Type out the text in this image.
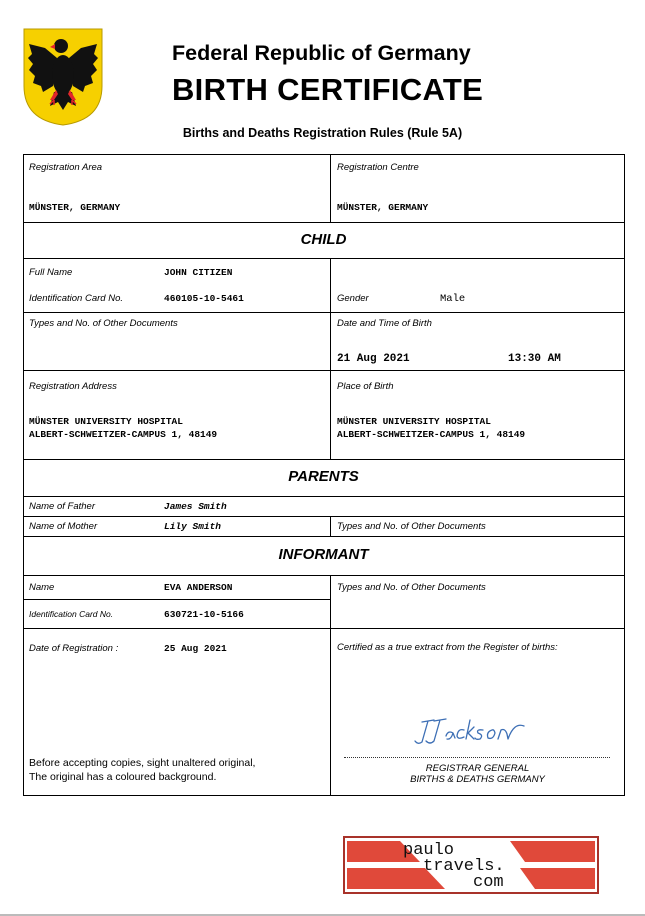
Federal Republic of Germany
BIRTH CERTIFICATE
Births and Deaths Registration Rules (Rule 5A)
Registration Area
MÜNSTER, GERMANY
Registration Centre
MÜNSTER, GERMANY
CHILD
Full Name	JOHN CITIZEN
Identification Card No.	460105-10-5461	Gender	Male
Types and No. of Other Documents	Date and Time of Birth
21 Aug 2021	13:30 AM
Registration Address
MÜNSTER UNIVERSITY HOSPITAL
ALBERT-SCHWEITZER-CAMPUS 1, 48149
Place of Birth
MÜNSTER UNIVERSITY HOSPITAL
ALBERT-SCHWEITZER-CAMPUS 1, 48149
PARENTS
Name of Father	James Smith
Name of Mother	Lily Smith	Types and No. of Other Documents
INFORMANT
Name	EVA ANDERSON
Identification Card No.	630721-10-5166
Types and No. of Other Documents
Date of Registration :	25 Aug 2021	Certified as a true extract from the Register of births:
Before accepting copies, sight unaltered original,
The original has a coloured background.
REGISTRAR GENERAL
BIRTHS & DEATHS GERMANY
paulo
travels.
com
